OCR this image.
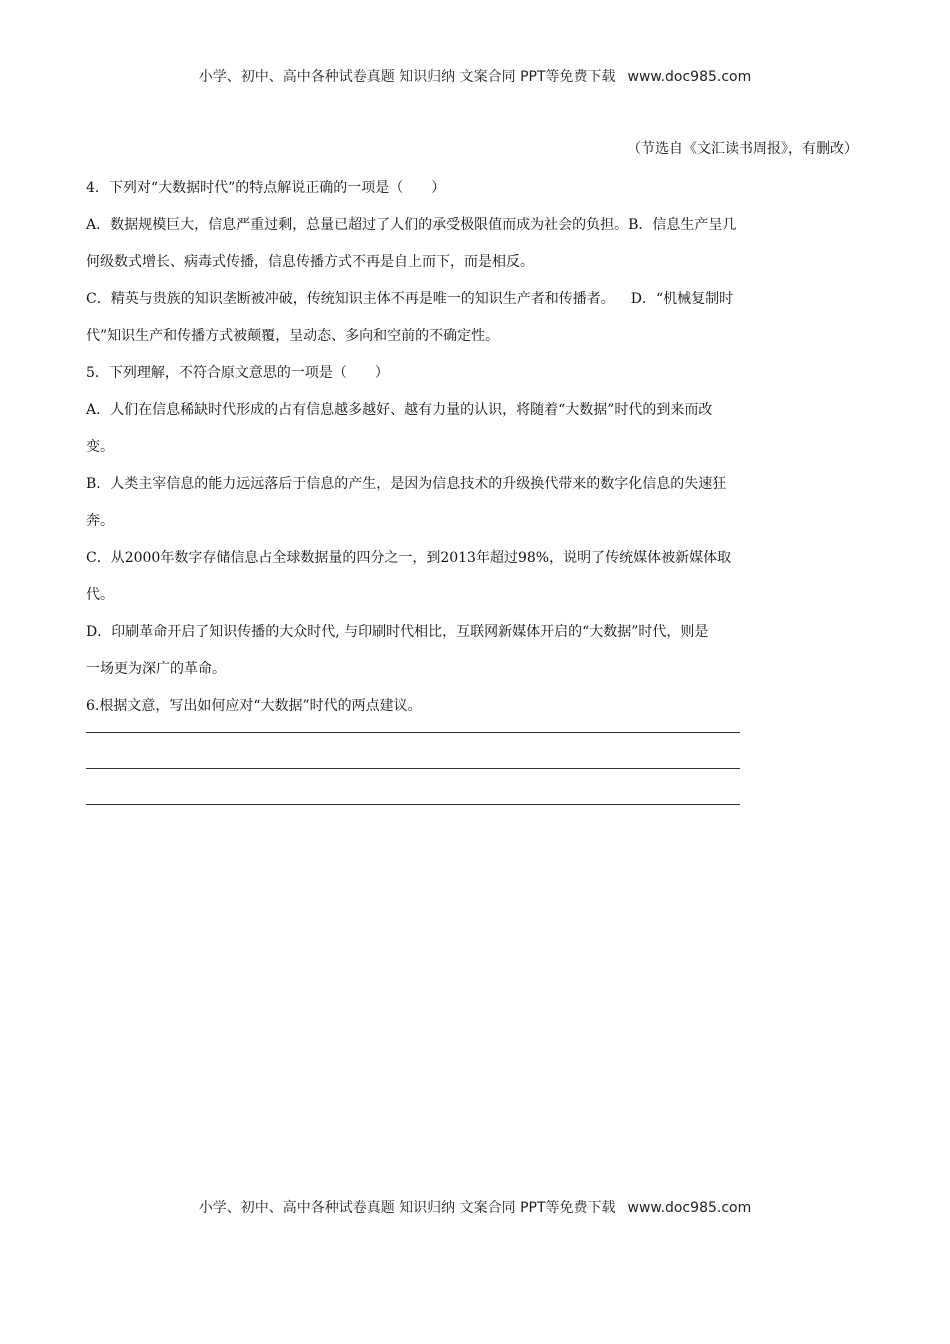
小学、初中、高中各种试卷真题 知识归纳 文案合同 PPT等免费下载 www.doc985.com
（节选自《文汇读书周报》，有删改）
4．下列对“大数据时代”的特点解说正确的一项是（　　）
A．数据规模巨大，信息严重过剩，总量已超过了人们的承受极限值而成为社会的负担。B．信息生产呈几
何级数式增长、病毒式传播，信息传播方式不再是自上而下，而是相反。
C．精英与贵族的知识垄断被冲破，传统知识主体不再是唯一的知识生产者和传播者。 D．“机械复制时
代”知识生产和传播方式被颠覆，呈动态、多向和空前的不确定性。
5．下列理解，不符合原文意思的一项是（　　）
A．人们在信息稀缺时代形成的占有信息越多越好、越有力量的认识，将随着“大数据”时代的到来而改
变。
B．人类主宰信息的能力远远落后于信息的产生，是因为信息技术的升级换代带来的数字化信息的失速狂
奔。
C．从2000年数字存储信息占全球数据量的四分之一，到2013年超过98%，说明了传统媒体被新媒体取
代。
D．印刷革命开启了知识传播的大众时代, 与印刷时代相比，互联网新媒体开启的“大数据”时代，则是
一场更为深广的革命。
6.根据文意，写出如何应对“大数据”时代的两点建议。
小学、初中、高中各种试卷真题 知识归纳 文案合同 PPT等免费下载 www.doc985.com
